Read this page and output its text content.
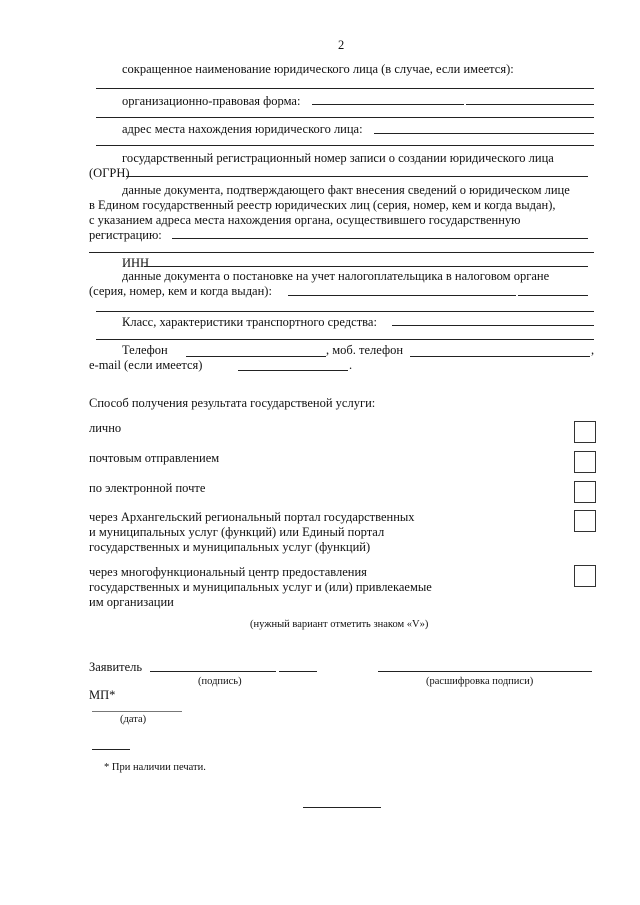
2
сокращенное наименование юридического лица (в случае, если имеется):
организационно-правовая форма:
адрес места нахождения юридического лица:
государственный регистрационный номер записи о создании юридического лица
(ОГРН)
данные документа, подтверждающего факт внесения сведений о юридическом лице
в Едином государственный реестр юридических лиц (серия, номер, кем и когда выдан),
с указанием адреса места нахождения органа, осуществившего государственную
регистрацию:
ИНН
данные документа о постановке на учет налогоплательщика в налоговом органе
(серия, номер, кем и когда выдан):
Класс, характеристики транспортного средства:
Телефон	, моб. телефон	,
e-mail (если имеется)	.
Способ получения результата государственой услуги:
лично
почтовым отправлением
по электронной почте
через Архангельский региональный портал государственных
и муниципальных услуг (функций) или Единый портал
государственных и муниципальных услуг (функций)
через многофункциональный центр предоставления
государственных и муниципальных услуг и (или) привлекаемые
им организации
(нужный вариант отметить знаком «V»)
Заявитель
(подпись)	(расшифровка подписи)
МП*
(дата)
* При наличии печати.
